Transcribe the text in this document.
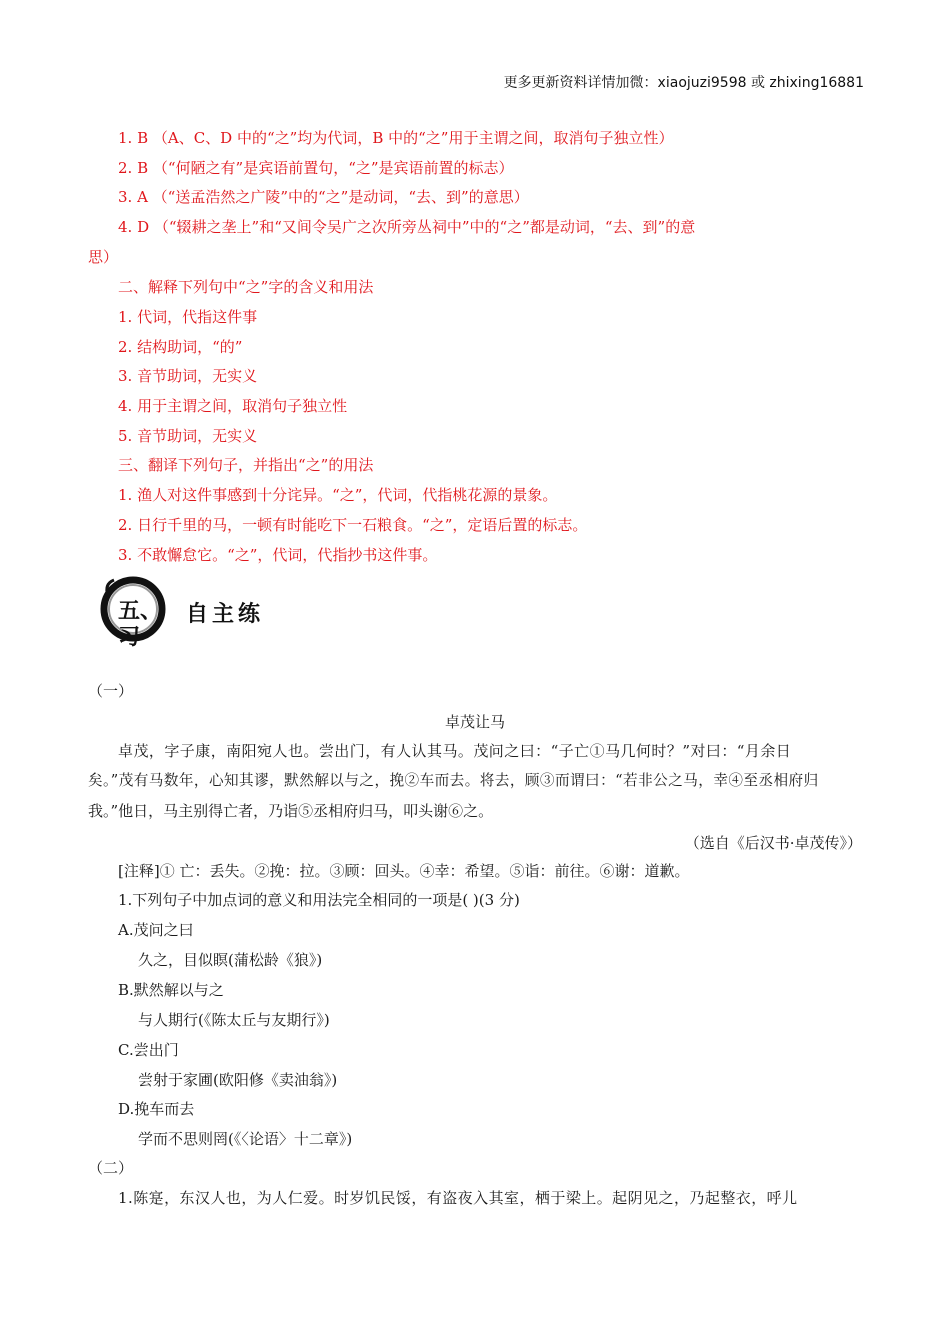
更多更新资料详情加微：xiaojuzi9598 或 zhixing16881
1. B （A、C、D 中的“之”均为代词，B 中的“之”用于主谓之间，取消句子独立性）
2. B （“何陋之有”是宾语前置句，“之”是宾语前置的标志）
3. A （“送孟浩然之广陵”中的“之”是动词，“去、到”的意思）
4. D （“辍耕之垄上”和“又间令吴广之次所旁丛祠中”中的“之”都是动词，“去、到”的意
思）
二、解释下列句中“之”字的含义和用法
1. 代词，代指这件事
2. 结构助词，“的”
3. 音节助词，无实义
4. 用于主谓之间，取消句子独立性
5. 音节助词，无实义
三、翻译下列句子，并指出“之”的用法
1. 渔人对这件事感到十分诧异。“之”，代词，代指桃花源的景象。
2. 日行千里的马，一顿有时能吃下一石粮食。“之”，定语后置的标志。
3. 不敢懈怠它。“之”，代词，代指抄书这件事。
五、
习
自主练
（一）
卓茂让马
卓茂，字子康，南阳宛人也。尝出门，有人认其马。茂问之曰：“子亡①马几何时？”对曰：“月余日
矣。”茂有马数年，心知其谬，默然解以与之，挽②车而去。将去，顾③而谓曰：“若非公之马，幸④至丞相府归
我。”他日，马主别得亡者，乃诣⑤丞相府归马，叩头谢⑥之。
（选自《后汉书·卓茂传》）
[注释]① 亡：丢失。②挽：拉。③顾：回头。④幸：希望。⑤诣：前往。⑥谢：道歉。
1.下列句子中加点词的意义和用法完全相同的一项是( )(3 分)
A.茂问之曰
久之，目似瞑(蒲松龄《狼》)
B.默然解以与之
与人期行(《陈太丘与友期行》)
C.尝出门
尝射于家圃(欧阳修《卖油翁》)
D.挽车而去
学而不思则罔(《〈论语〉十二章》)
（二）
1.陈寔，东汉人也，为人仁爱。时岁饥民馁，有盗夜入其室，栖于梁上。起阴见之，乃起整衣，呼儿
